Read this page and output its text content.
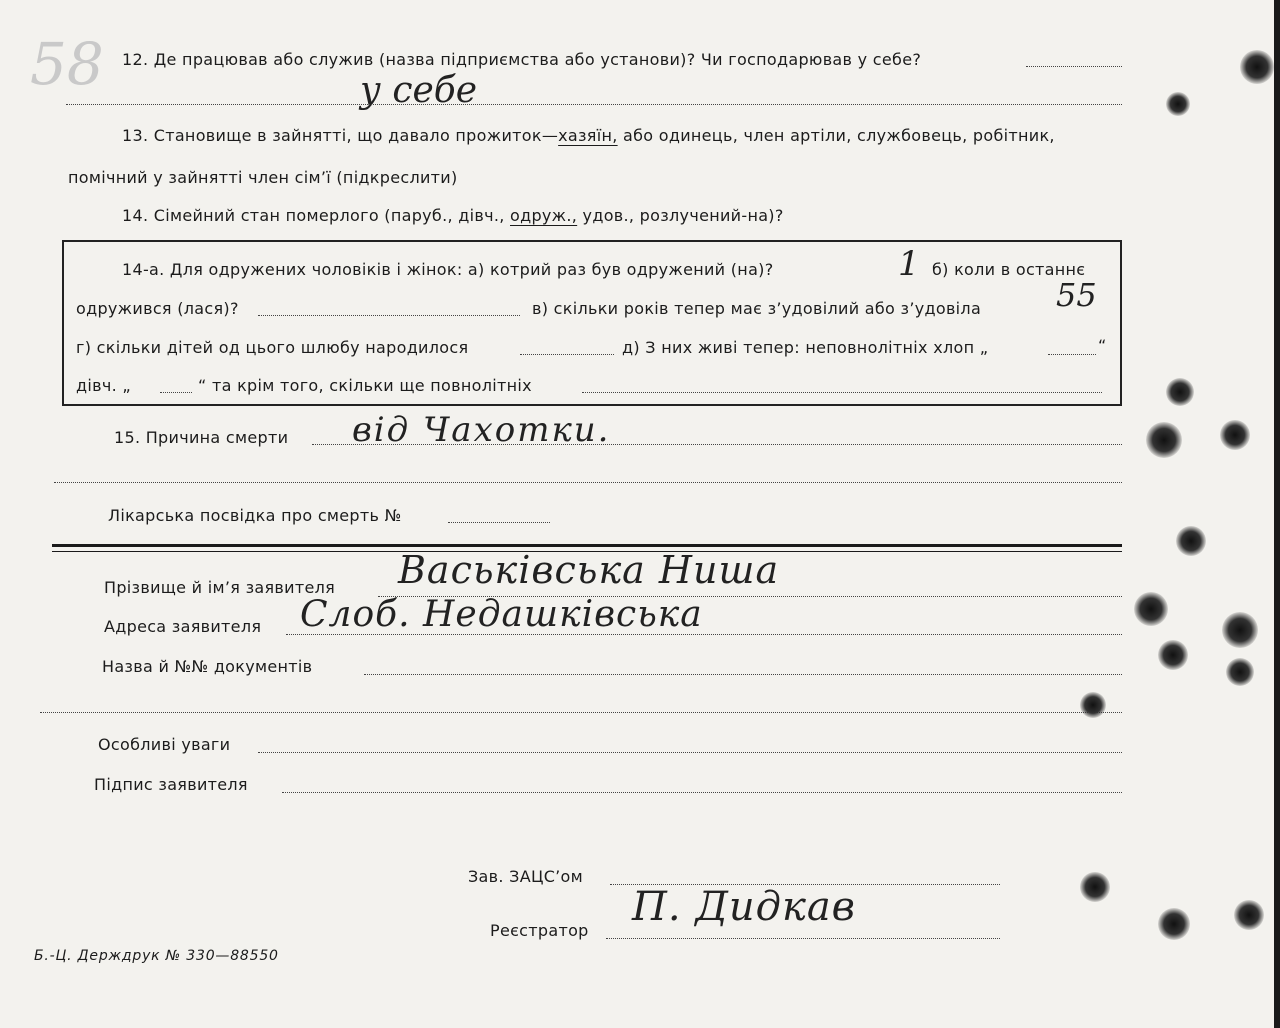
58 12. Де працював або служив (назва підприємства або установи)? Чи господарював у себе?
у себе
13. Становище в зайнятті, що давало прожиток—хазяїн, або одинець, член артіли, службовець, робітник,
помічний у зайнятті член сім’ї (підкреслити)
14. Сімейний стан померлого (паруб., дівч., одруж., удов., розлучений-на)?
14-а. Для одружених чоловіків і жінок: а) котрий раз був одружений (на)?	1 б) коли в останнє
одружився (лася)?	в) скільки років тепер має з’удовілий або з’удовіла 55
г) скільки дітей од цього шлюбу народилося	д) З них живі тепер: неповнолітніх хлоп „	“
дівч. „	“ та крім того, скільки ще повнолітніх
15. Причина смерти від Чахотки.
Лікарська посвідка про смерть №
Прізвище й ім’я заявителя Васьківська Ниша
Адреса заявителя Слоб. Недашківська
Назва й №№ документів
Особливі уваги
Підпис заявителя
Зав. ЗАЦС’ом
Реєстратор
П. Дидкав
Б.-Ц. Держдрук № 330—88550
